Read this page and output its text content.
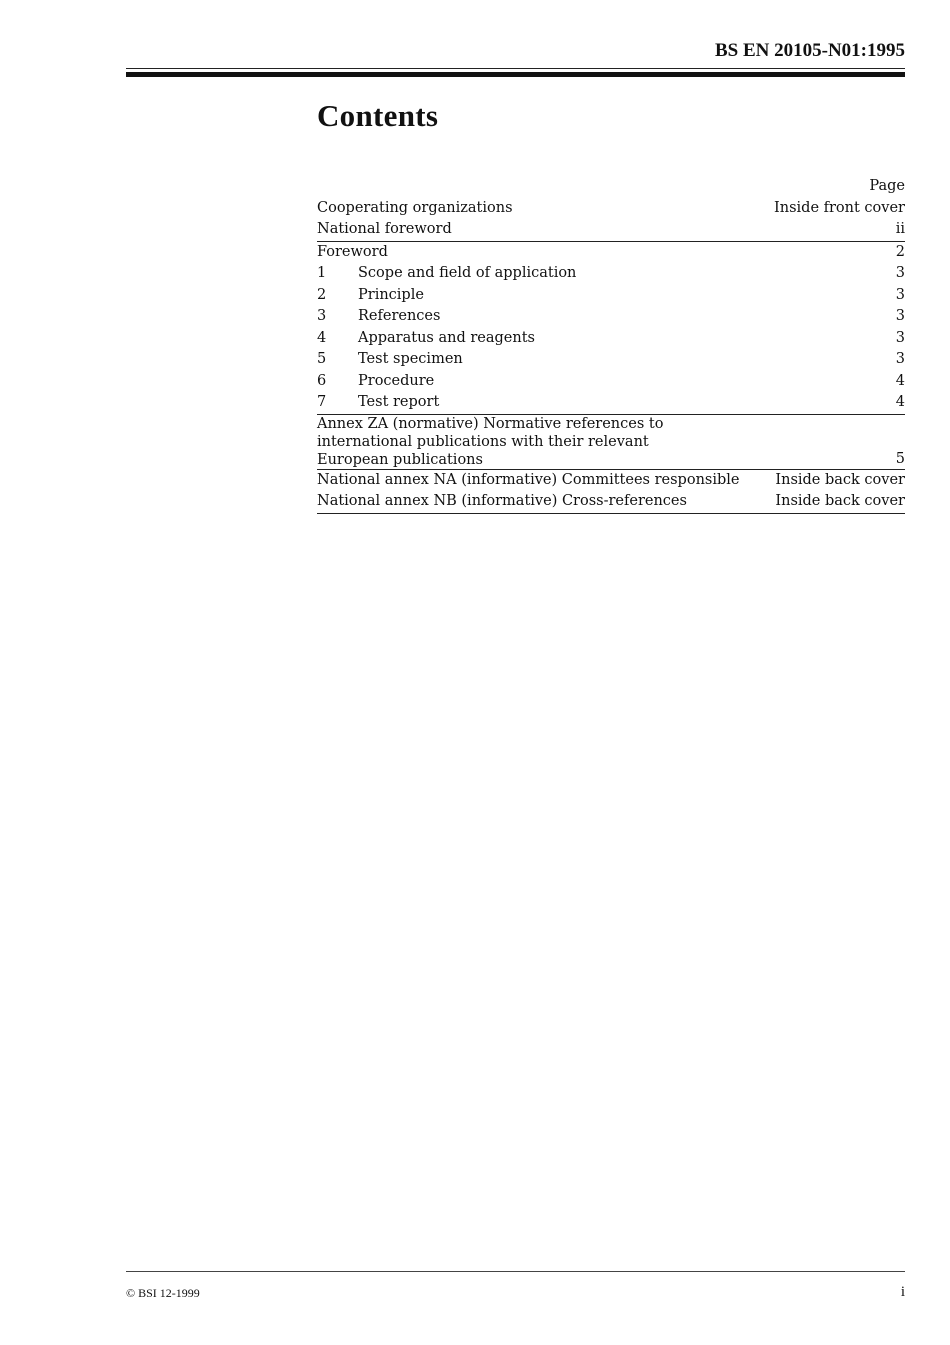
BS EN 20105-N01:1995
Contents
Page
Cooperating organizations	Inside front cover
National foreword	ii
Foreword	2
1 Scope and field of application	3
2 Principle	3
3 References	3
4 Apparatus and reagents	3
5 Test specimen	3
6 Procedure	4
7 Test report	4
Annex ZA (normative) Normative references to
international publications with their relevant
European publications	5
National annex NA (informative) Committees responsible	Inside back cover
National annex NB (informative) Cross-references	Inside back cover
© BSI 12-1999	i
